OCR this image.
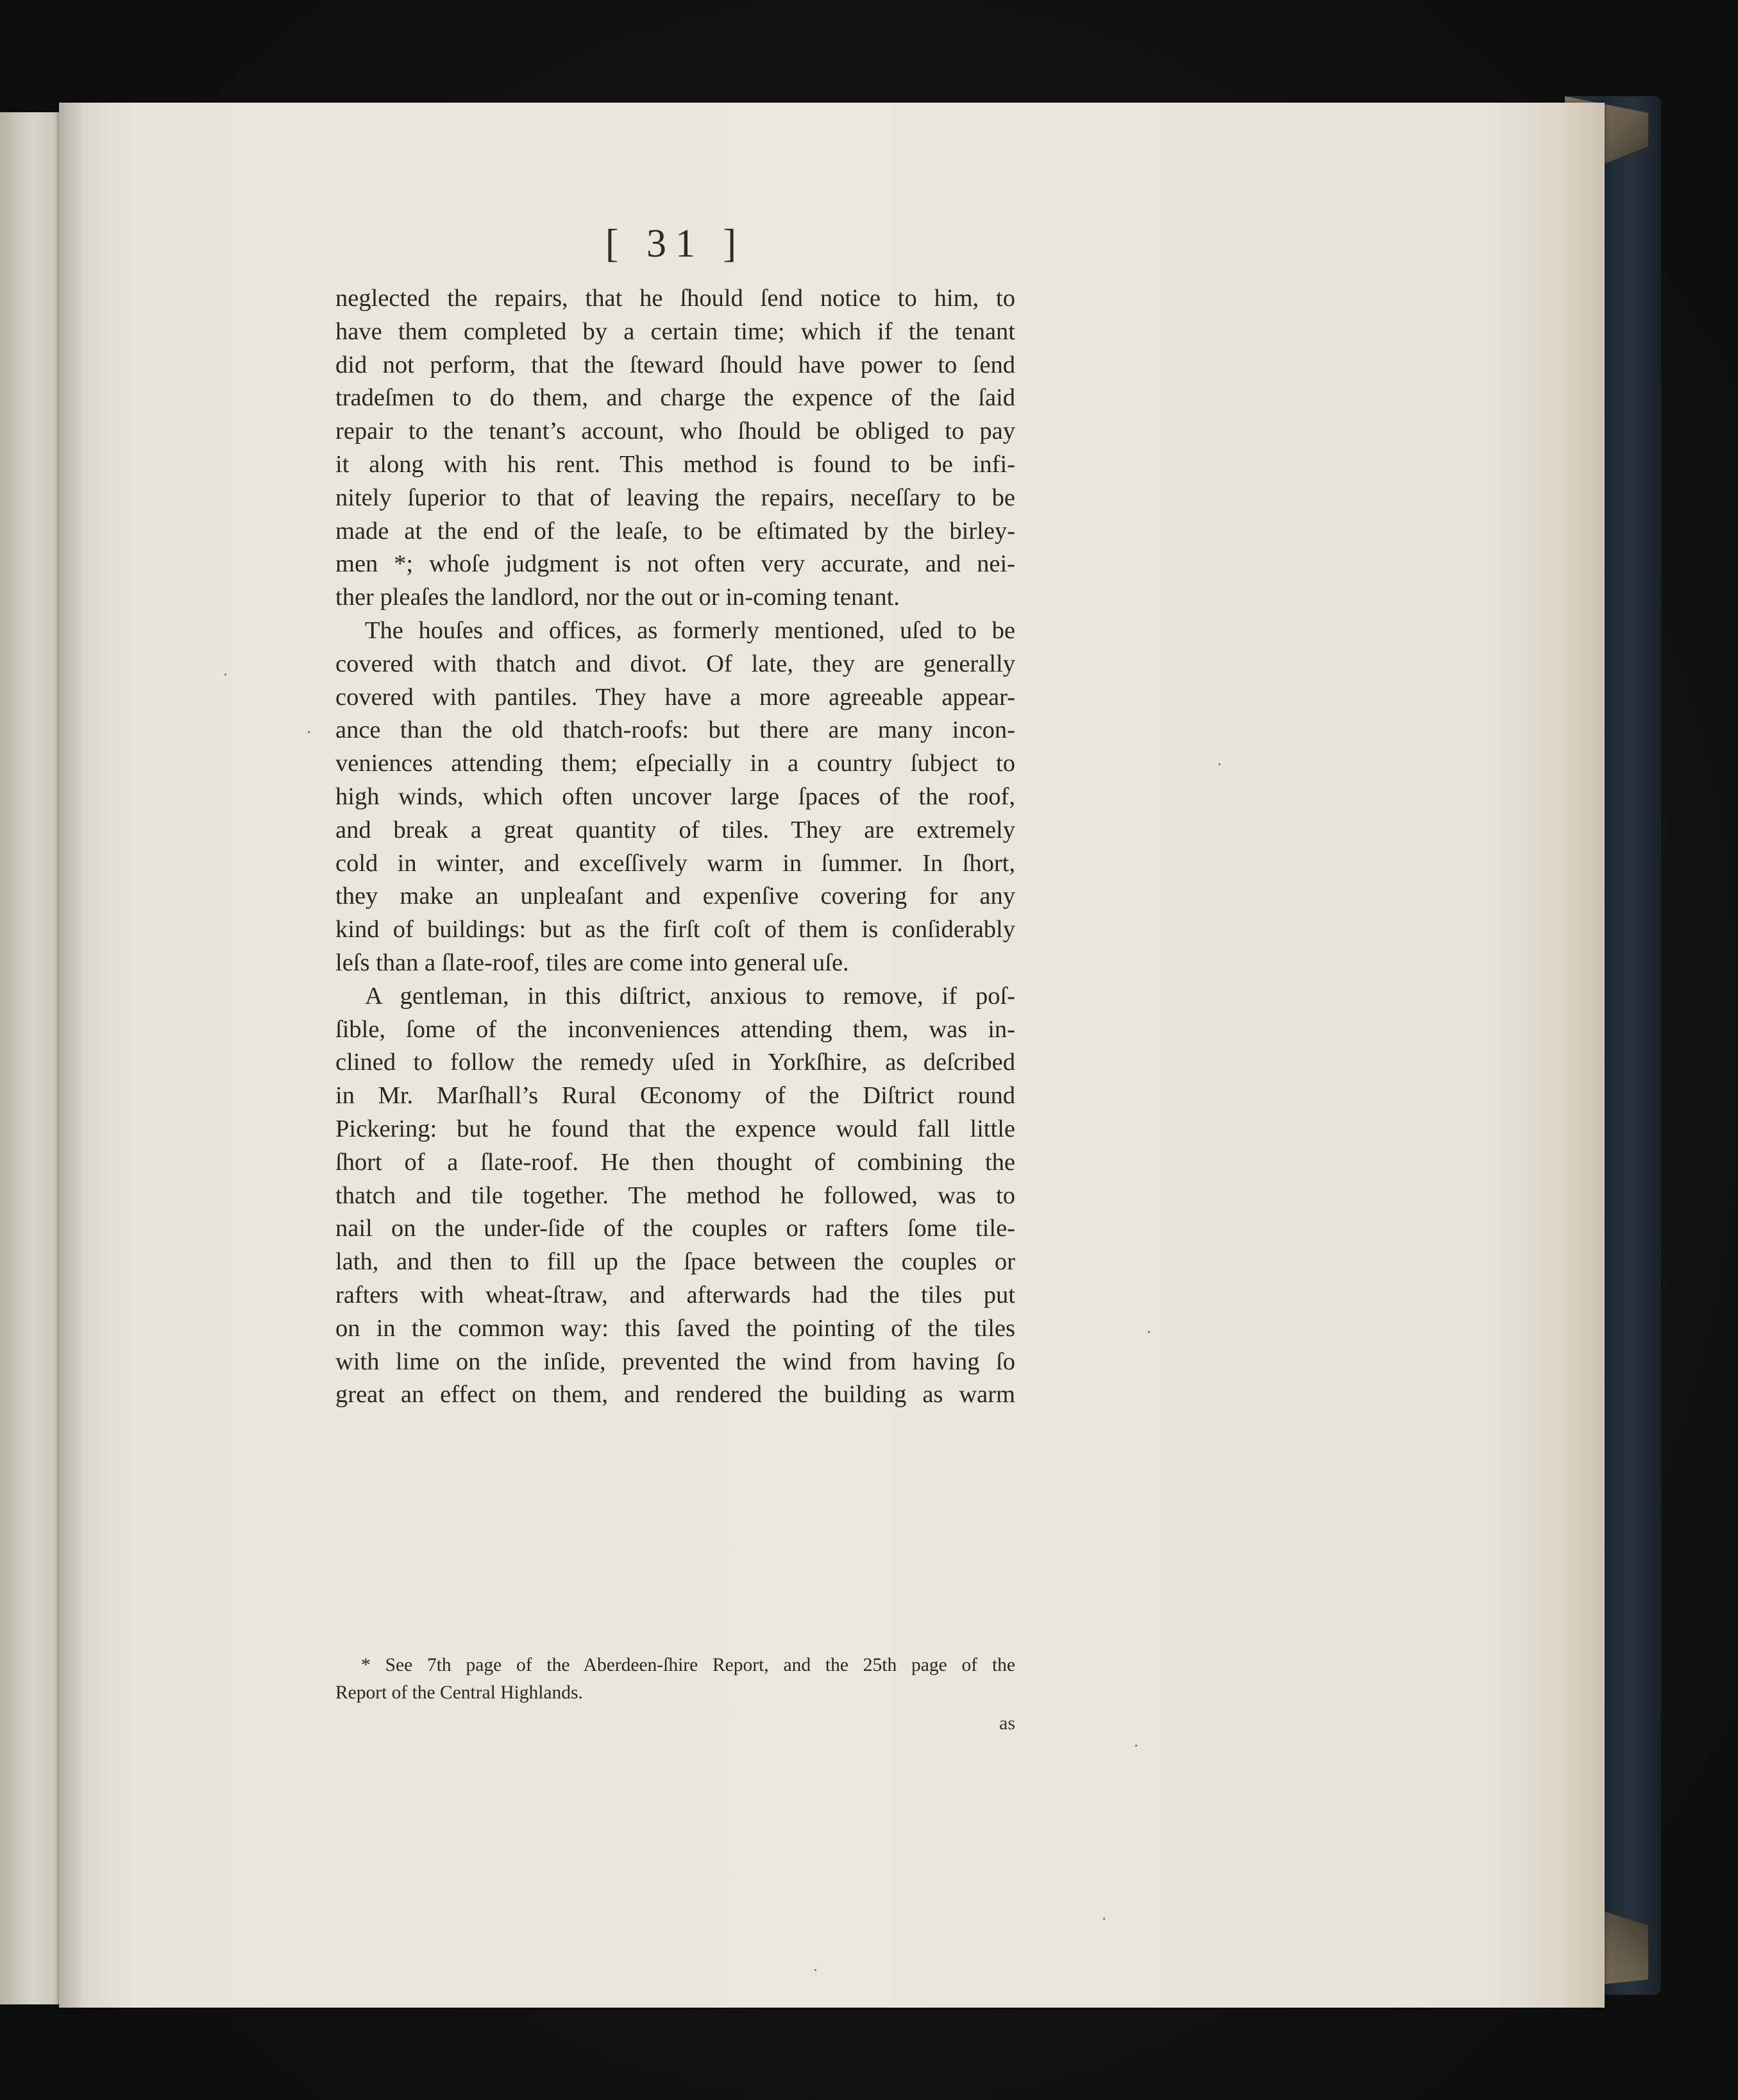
[ 31 ]
neglected the repairs, that he ſhould ſend notice to him, to
have them completed by a certain time; which if the tenant
did not perform, that the ſteward ſhould have power to ſend
tradeſmen to do them, and charge the expence of the ſaid
repair to the tenant’s account, who ſhould be obliged to pay
it along with his rent. This method is found to be infi-
nitely ſuperior to that of leaving the repairs, neceſſary to be
made at the end of the leaſe, to be eſtimated by the birley-
men *; whoſe judgment is not often very accurate, and nei-
ther pleaſes the landlord, nor the out or in-coming tenant.
The houſes and offices, as formerly mentioned, uſed to be
covered with thatch and divot. Of late, they are generally
covered with pantiles. They have a more agreeable appear-
ance than the old thatch-roofs: but there are many incon-
veniences attending them; eſpecially in a country ſubject to
high winds, which often uncover large ſpaces of the roof,
and break a great quantity of tiles. They are extremely
cold in winter, and exceſſively warm in ſummer. In ſhort,
they make an unpleaſant and expenſive covering for any
kind of buildings: but as the firſt coſt of them is conſiderably
leſs than a ſlate-roof, tiles are come into general uſe.
A gentleman, in this diſtrict, anxious to remove, if poſ-
ſible, ſome of the inconveniences attending them, was in-
clined to follow the remedy uſed in Yorkſhire, as deſcribed
in Mr. Marſhall’s Rural Œconomy of the Diſtrict round
Pickering: but he found that the expence would fall little
ſhort of a ſlate-roof. He then thought of combining the
thatch and tile together. The method he followed, was to
nail on the under-ſide of the couples or rafters ſome tile-
lath, and then to fill up the ſpace between the couples or
rafters with wheat-ſtraw, and afterwards had the tiles put
on in the common way: this ſaved the pointing of the tiles
with lime on the inſide, prevented the wind from having ſo
great an effect on them, and rendered the building as warm
* See 7th page of the Aberdeen-ſhire Report, and the 25th page of the
Report of the Central Highlands.
as
